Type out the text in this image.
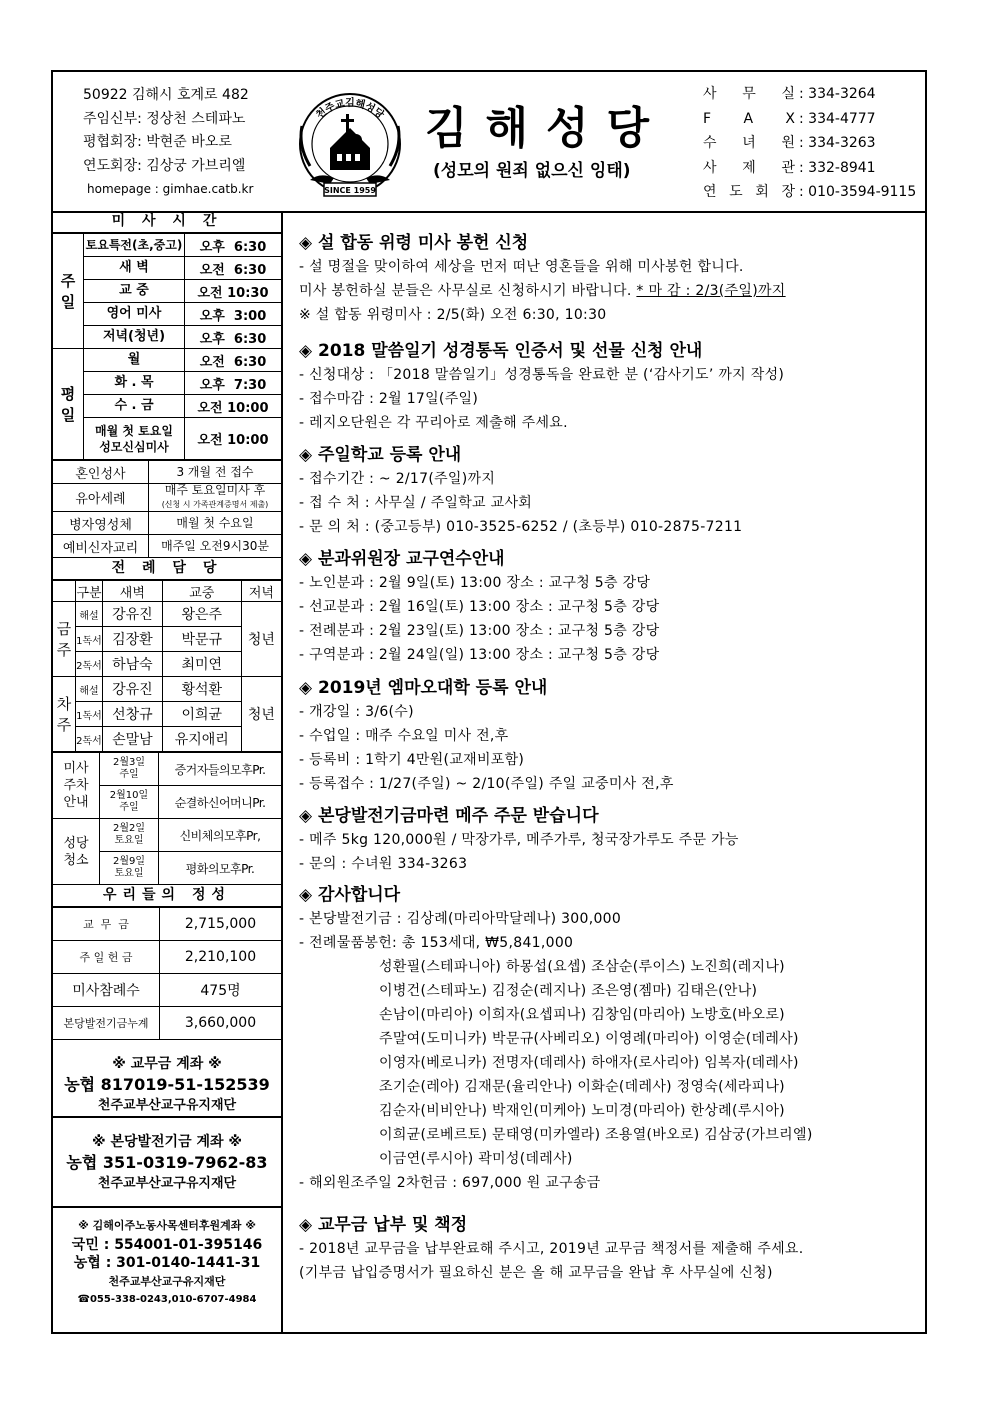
50922 김해시 호계로 482
주임신부: 정상천 스테파노
평협회장: 박현준 바오로
연도회장: 김상궁 가브리엘
homepage : gimhae.catb.kr
천주교김해성당
SINCE 1959
김해성당
(성모의 원죄 없으신 잉태)
사 무 실 : 334-3264
F A X : 334-4777
수 녀 원 : 334-3263
사 제 관 : 332-8941
연 도 회 장 : 010-3594-9115
미 사 시 간
주
일	토요특전(초,중고)	오후  6:30
	새 벽	오전  6:30
	교 중	오전 10:30
	영어 미사	오후  3:00
	저녁(청년)	오후  6:30
평
일	월	오전  6:30
	화 . 목	오후  7:30
	수 . 금	오전 10:00
	매월 첫 토요일
성모신심미사	오전 10:00
혼인성사	3 개월 전 접수
유아세례	매주 토요일미사 후
(신청 시 가족관계증명서 제출)
병자영성체	매월 첫 수요일
예비신자교리	매주일 오전9시30분
전 례 담 당
	구분	새벽	교중	저녁
금
주	해설	강유진	왕은주	청년
	1독서	김장환	박문규	
	2독서	하남숙	최미연	
차
주	해설	강유진	황석환	청년
	1독서	선창규	이희균	
	2독서	손말남	유지애리	
미사
주차
안내	2월3일
주일	증거자들의모후Pr.
	2월10일
주일	순결하신어머니Pr.
성당
청소	2월2일
토요일	신비체의모후Pr,
	2월9일
토요일	평화의모후Pr.
우리들의 정성
교  무  금	2,715,000
주 일 헌 금	2,210,100
미사참례수	475명
본당발전기금누계	3,660,000
※ 교무금 계좌 ※
농협 817019-51-152539
천주교부산교구유지재단
※ 본당발전기금 계좌 ※
농협 351-0319-7962-83
천주교부산교구유지재단
※ 김해이주노동사목센터후원계좌 ※
국민 : 554001-01-395146
농협 : 301-0140-1441-31
천주교부산교구유지재단
☎055-338-0243,010-6707-4984
◈ 설 합동 위령 미사 봉헌 신청
- 설 명절을 맞이하여 세상을 먼저 떠난 영혼들을 위해 미사봉헌 합니다.
미사 봉헌하실 분들은 사무실로 신청하시기 바랍니다. * 마 감 : 2/3(주일)까지
※ 설 합동 위령미사 : 2/5(화) 오전 6:30, 10:30
◈ 2018 말씀일기 성경통독 인증서 및 선물 신청 안내
- 신청대상 : 「2018 말씀일기」성경통독을 완료한 분 (‘감사기도’ 까지 작성)
- 접수마감 : 2월 17일(주일)
- 레지오단원은 각 꾸리아로 제출해 주세요.
◈ 주일학교 등록 안내
- 접수기간 : ~ 2/17(주일)까지
- 접 수 처 : 사무실 / 주일학교 교사회
- 문 의 처 : (중고등부) 010-3525-6252 / (초등부) 010-2875-7211
◈ 분과위원장 교구연수안내
- 노인분과 : 2월 9일(토) 13:00 장소 : 교구청 5층 강당
- 선교분과 : 2월 16일(토) 13:00 장소 : 교구청 5층 강당
- 전례분과 : 2월 23일(토) 13:00 장소 : 교구청 5층 강당
- 구역분과 : 2월 24일(일) 13:00 장소 : 교구청 5층 강당
◈ 2019년 엠마오대학 등록 안내
- 개강일 : 3/6(수)
- 수업일 : 매주 수요일 미사 전,후
- 등록비 : 1학기 4만원(교재비포함)
- 등록접수 : 1/27(주일) ~ 2/10(주일) 주일 교중미사 전,후
◈ 본당발전기금마련 메주 주문 받습니다
- 메주 5kg 120,000원 / 막장가루, 메주가루, 청국장가루도 주문 가능
- 문의 : 수녀원 334-3263
◈ 감사합니다
- 본당발전기금 : 김상례(마리아막달레나) 300,000
- 전례물품봉헌: 총 153세대, ₩5,841,000
성환필(스테파니아) 하몽섭(요셉) 조삼순(루이스) 노진희(레지나)
이병건(스테파노) 김정순(레지나) 조은영(젬마) 김태은(안나)
손남이(마리아) 이희자(요셉피나) 김창임(마리아) 노방호(바오로)
주말여(도미니카) 박문규(사베리오) 이영례(마리아) 이영순(데레사)
이영자(베로니카) 전명자(데레사) 하애자(로사리아) 임복자(데레사)
조기순(레아) 김재문(율리안나) 이화순(데레사) 정영숙(세라피나)
김순자(비비안나) 박재인(미케아) 노미경(마리아) 한상례(루시아)
이희균(로베르토) 문태영(미카엘라) 조용열(바오로) 김삼궁(가브리엘)
이금연(루시아) 곽미성(데레사)
- 해외원조주일 2차헌금 : 697,000 원 교구송금
◈ 교무금 납부 및 책정
- 2018년 교무금을 납부완료해 주시고, 2019년 교무금 책정서를 제출해 주세요.
(기부금 납입증명서가 필요하신 분은 올 해 교무금을 완납 후 사무실에 신청)
